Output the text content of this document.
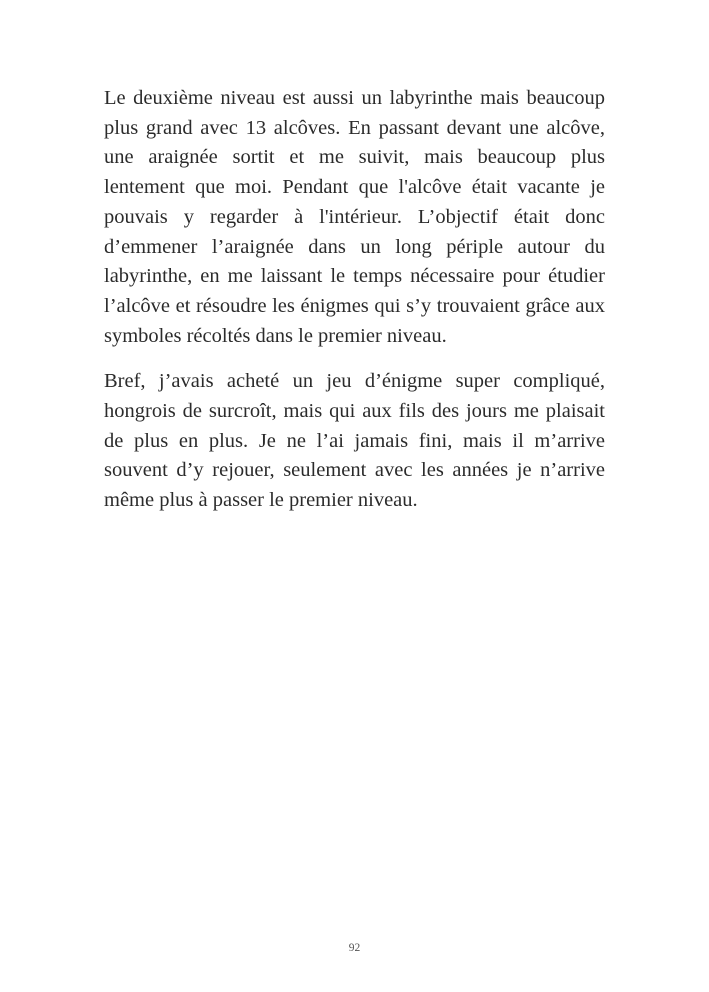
Le deuxième niveau est aussi un labyrinthe mais beaucoup plus grand avec 13 alcôves. En passant devant une alcôve, une araignée sortit et me suivit, mais beaucoup plus lentement que moi. Pendant que l'alcôve était vacante je pouvais y regarder à l'intérieur. L’objectif était donc d’emmener l’araignée dans un long périple autour du labyrinthe, en me laissant le temps nécessaire pour étudier l’alcôve et résoudre les énigmes qui s’y trouvaient grâce aux symboles récoltés dans le premier niveau.

Bref, j’avais acheté un jeu d’énigme super compliqué, hongrois de surcroît, mais qui aux fils des jours me plaisait de plus en plus. Je ne l’ai jamais fini, mais il m’arrive souvent d’y rejouer, seulement avec les années je n’arrive même plus à passer le premier niveau.

92
